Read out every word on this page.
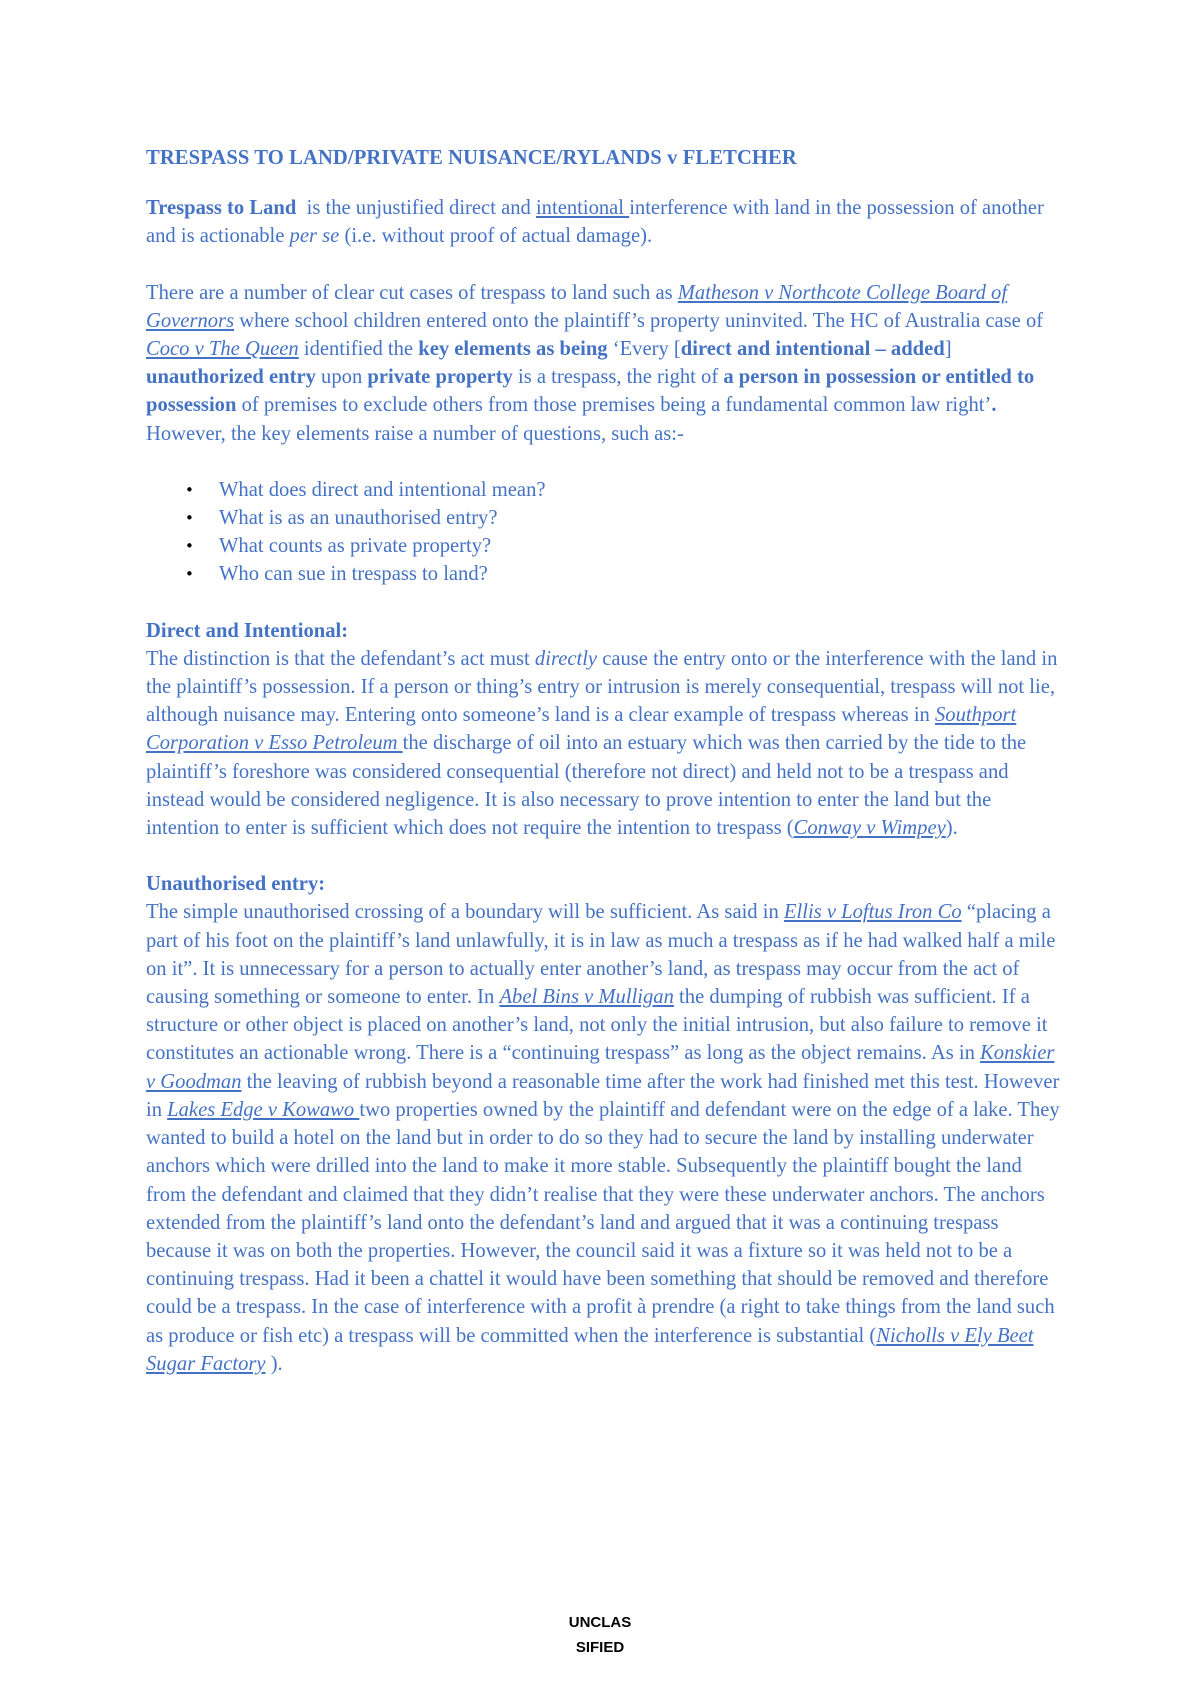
TRESPASS TO LAND/PRIVATE NUISANCE/RYLANDS v FLETCHER

Trespass to Land  is the unjustified direct and intentional interference with land in the possession of another and is actionable per se (i.e. without proof of actual damage).

There are a number of clear cut cases of trespass to land such as Matheson v Northcote College Board of Governors where school children entered onto the plaintiff’s property uninvited. The HC of Australia case of Coco v The Queen identified the key elements as being ‘Every [direct and intentional – added] unauthorized entry upon private property is a trespass, the right of a person in possession or entitled to possession of premises to exclude others from those premises being a fundamental common law right’. However, the key elements raise a number of questions, such as:-

• What does direct and intentional mean?
• What is as an unauthorised entry?
• What counts as private property?
• Who can sue in trespass to land?
Direct and Intentional:

The distinction is that the defendant’s act must directly cause the entry onto or the interference with the land in the plaintiff’s possession. If a person or thing’s entry or intrusion is merely consequential, trespass will not lie, although nuisance may. Entering onto someone’s land is a clear example of trespass whereas in Southport Corporation v Esso Petroleum the discharge of oil into an estuary which was then carried by the tide to the plaintiff’s foreshore was considered consequential (therefore not direct) and held not to be a trespass and instead would be considered negligence. It is also necessary to prove intention to enter the land but the intention to enter is sufficient which does not require the intention to trespass (Conway v Wimpey).

Unauthorised entry:

The simple unauthorised crossing of a boundary will be sufficient. As said in Ellis v Loftus Iron Co “placing a part of his foot on the plaintiff’s land unlawfully, it is in law as much a trespass as if he had walked half a mile on it”. It is unnecessary for a person to actually enter another’s land, as trespass may occur from the act of causing something or someone to enter. In Abel Bins v Mulligan the dumping of rubbish was sufficient. If a structure or other object is placed on another’s land, not only the initial intrusion, but also failure to remove it constitutes an actionable wrong. There is a “continuing trespass” as long as the object remains. As in Konskier v Goodman the leaving of rubbish beyond a reasonable time after the work had finished met this test. However in Lakes Edge v Kowawo two properties owned by the plaintiff and defendant were on the edge of a lake. They wanted to build a hotel on the land but in order to do so they had to secure the land by installing underwater anchors which were drilled into the land to make it more stable. Subsequently the plaintiff bought the land from the defendant and claimed that they didn’t realise that they were these underwater anchors. The anchors extended from the plaintiff’s land onto the defendant’s land and argued that it was a continuing trespass because it was on both the properties. However, the council said it was a fixture so it was held not to be a continuing trespass. Had it been a chattel it would have been something that should be removed and therefore could be a trespass. In the case of interference with a profit à prendre (a right to take things from the land such as produce or fish etc) a trespass will be committed when the interference is substantial (Nicholls v Ely Beet Sugar Factory ).

UNCLAS
SIFIED
